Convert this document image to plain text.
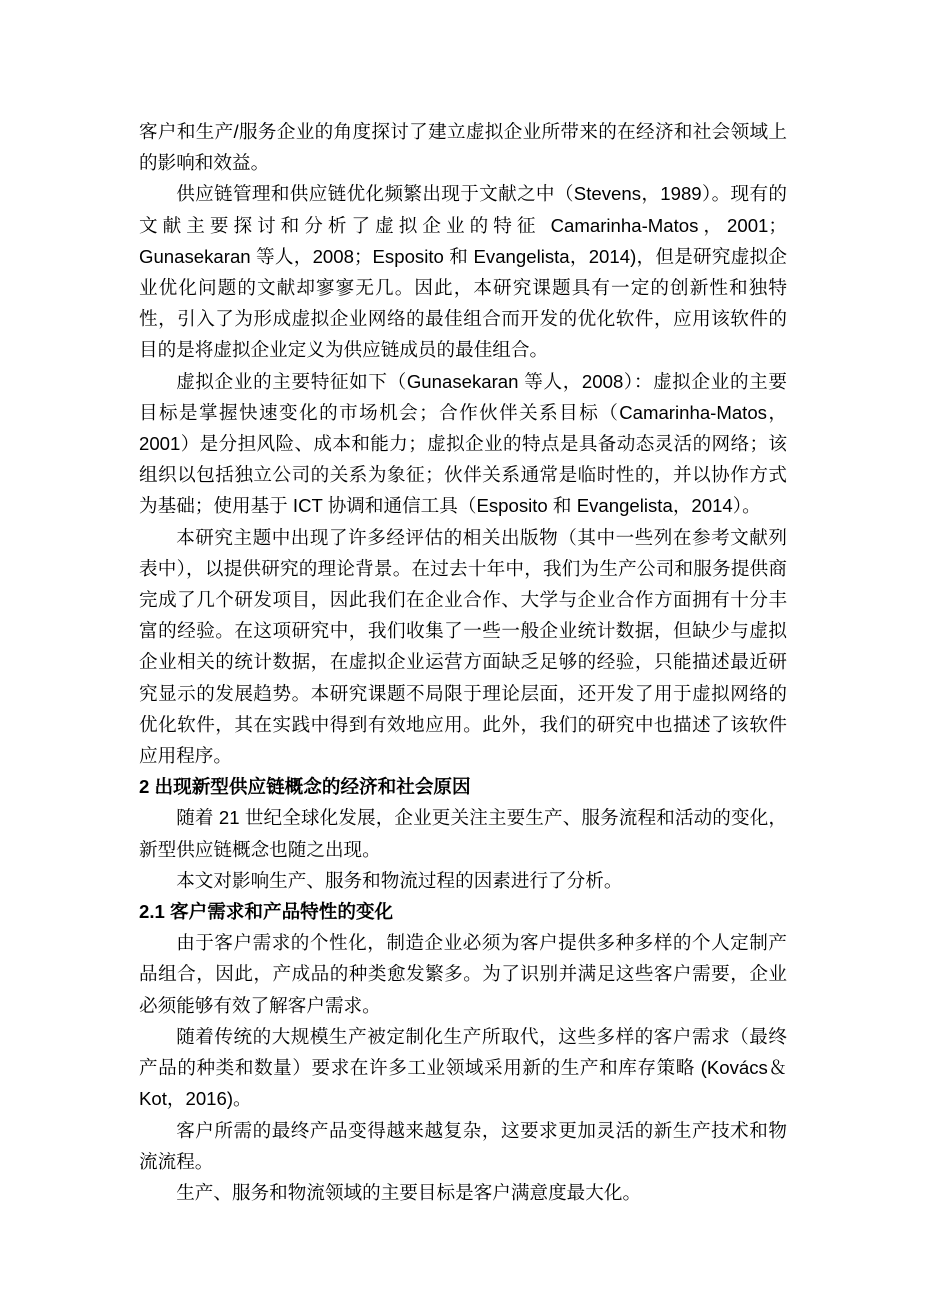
客户和生产/服务企业的角度探讨了建立虚拟企业所带来的在经济和社会领域上的影响和效益。

供应链管理和供应链优化频繁出现于文献之中（Stevens，1989）。现有的文献主要探讨和分析了虚拟企业的特征 Camarinha-Matos，2001；Gunasekaran 等人，2008；Esposito 和 Evangelista，2014)，但是研究虚拟企业优化问题的文献却寥寥无几。因此，本研究课题具有一定的创新性和独特性，引入了为形成虚拟企业网络的最佳组合而开发的优化软件，应用该软件的目的是将虚拟企业定义为供应链成员的最佳组合。

虚拟企业的主要特征如下（Gunasekaran 等人，2008）：虚拟企业的主要目标是掌握快速变化的市场机会；合作伙伴关系目标（Camarinha-Matos，2001）是分担风险、成本和能力；虚拟企业的特点是具备动态灵活的网络；该组织以包括独立公司的关系为象征；伙伴关系通常是临时性的，并以协作方式为基础；使用基于 ICT 协调和通信工具（Esposito 和 Evangelista，2014）。

本研究主题中出现了许多经评估的相关出版物（其中一些列在参考文献列表中），以提供研究的理论背景。在过去十年中，我们为生产公司和服务提供商完成了几个研发项目，因此我们在企业合作、大学与企业合作方面拥有十分丰富的经验。在这项研究中，我们收集了一些一般企业统计数据，但缺少与虚拟企业相关的统计数据，在虚拟企业运营方面缺乏足够的经验，只能描述最近研究显示的发展趋势。本研究课题不局限于理论层面，还开发了用于虚拟网络的优化软件，其在实践中得到有效地应用。此外，我们的研究中也描述了该软件应用程序。

2 出现新型供应链概念的经济和社会原因

随着 21 世纪全球化发展，企业更关注主要生产、服务流程和活动的变化，新型供应链概念也随之出现。

本文对影响生产、服务和物流过程的因素进行了分析。

2.1 客户需求和产品特性的变化

由于客户需求的个性化，制造企业必须为客户提供多种多样的个人定制产品组合，因此，产成品的种类愈发繁多。为了识别并满足这些客户需要，企业必须能够有效了解客户需求。

随着传统的大规模生产被定制化生产所取代，这些多样的客户需求（最终产品的种类和数量）要求在许多工业领域采用新的生产和库存策略 (Kovács＆Kot，2016)。

客户所需的最终产品变得越来越复杂，这要求更加灵活的新生产技术和物流流程。

生产、服务和物流领域的主要目标是客户满意度最大化。
